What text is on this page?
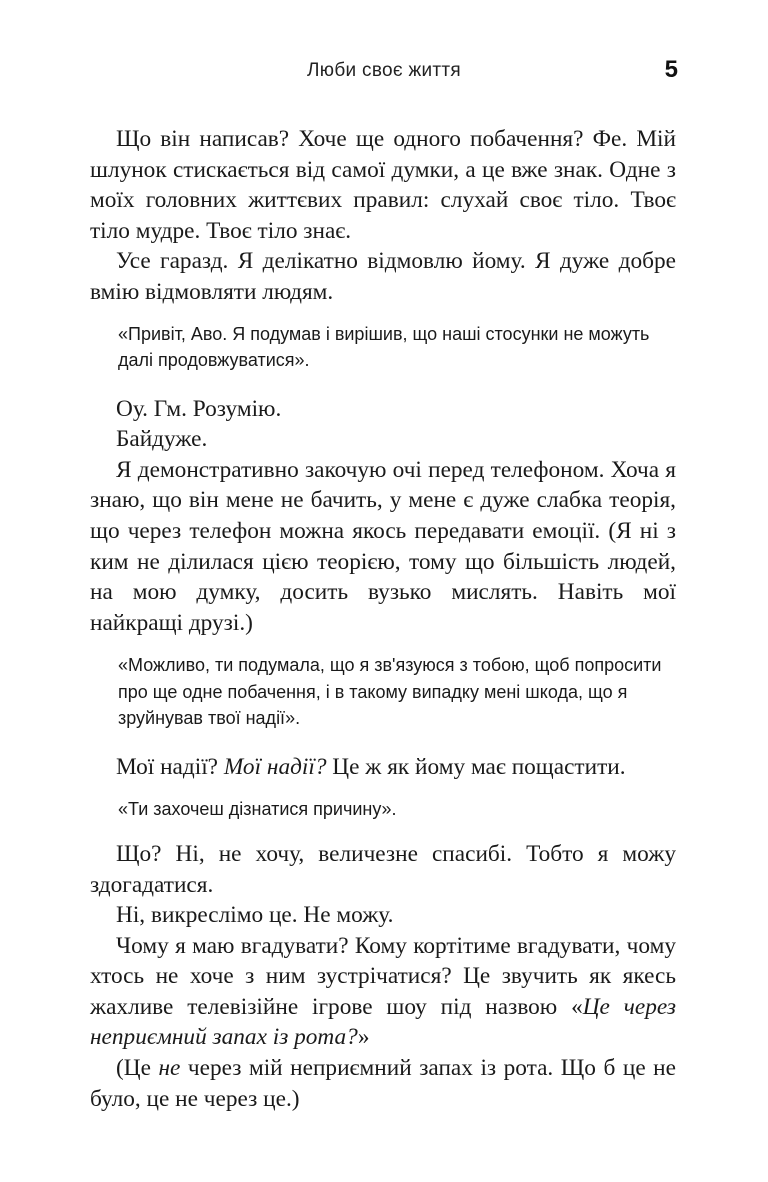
Люби своє життя	5

Що він написав? Хоче ще одного побачення? Фе. Мій шлунок стискається від самої думки, а це вже знак. Одне з моїх головних життєвих правил: слухай своє тіло. Твоє тіло мудре. Твоє тіло знає.

Усе гаразд. Я делікатно відмовлю йому. Я дуже добре вмію відмовляти людям.

«Привіт, Аво. Я подумав і вирішив, що наші стосунки не можуть далі продовжуватися».

Оу. Гм. Розумію.

Байдуже.

Я демонстративно закочую очі перед телефоном. Хоча я знаю, що він мене не бачить, у мене є дуже слабка теорія, що через телефон можна якось передавати емоції. (Я ні з ким не ділилася цією теорією, тому що більшість людей, на мою думку, досить вузько мислять. Навіть мої найкращі друзі.)

«Можливо, ти подумала, що я зв'язуюся з тобою, щоб попросити про ще одне побачення, і в такому випадку мені шкода, що я зруйнував твої надії».

Мої надії? Мої надії? Це ж як йому має пощастити.

«Ти захочеш дізнатися причину».

Що? Ні, не хочу, величезне спасибі. Тобто я можу здогадатися.

Ні, викреслімо це. Не можу.

Чому я маю вгадувати? Кому кортітиме вгадувати, чому хтось не хоче з ним зустрічатися? Це звучить як якесь жахливе телевізійне ігрове шоу під назвою «Це через неприємний запах із рота?»

(Це не через мій неприємний запах із рота. Що б це не було, це не через це.)
